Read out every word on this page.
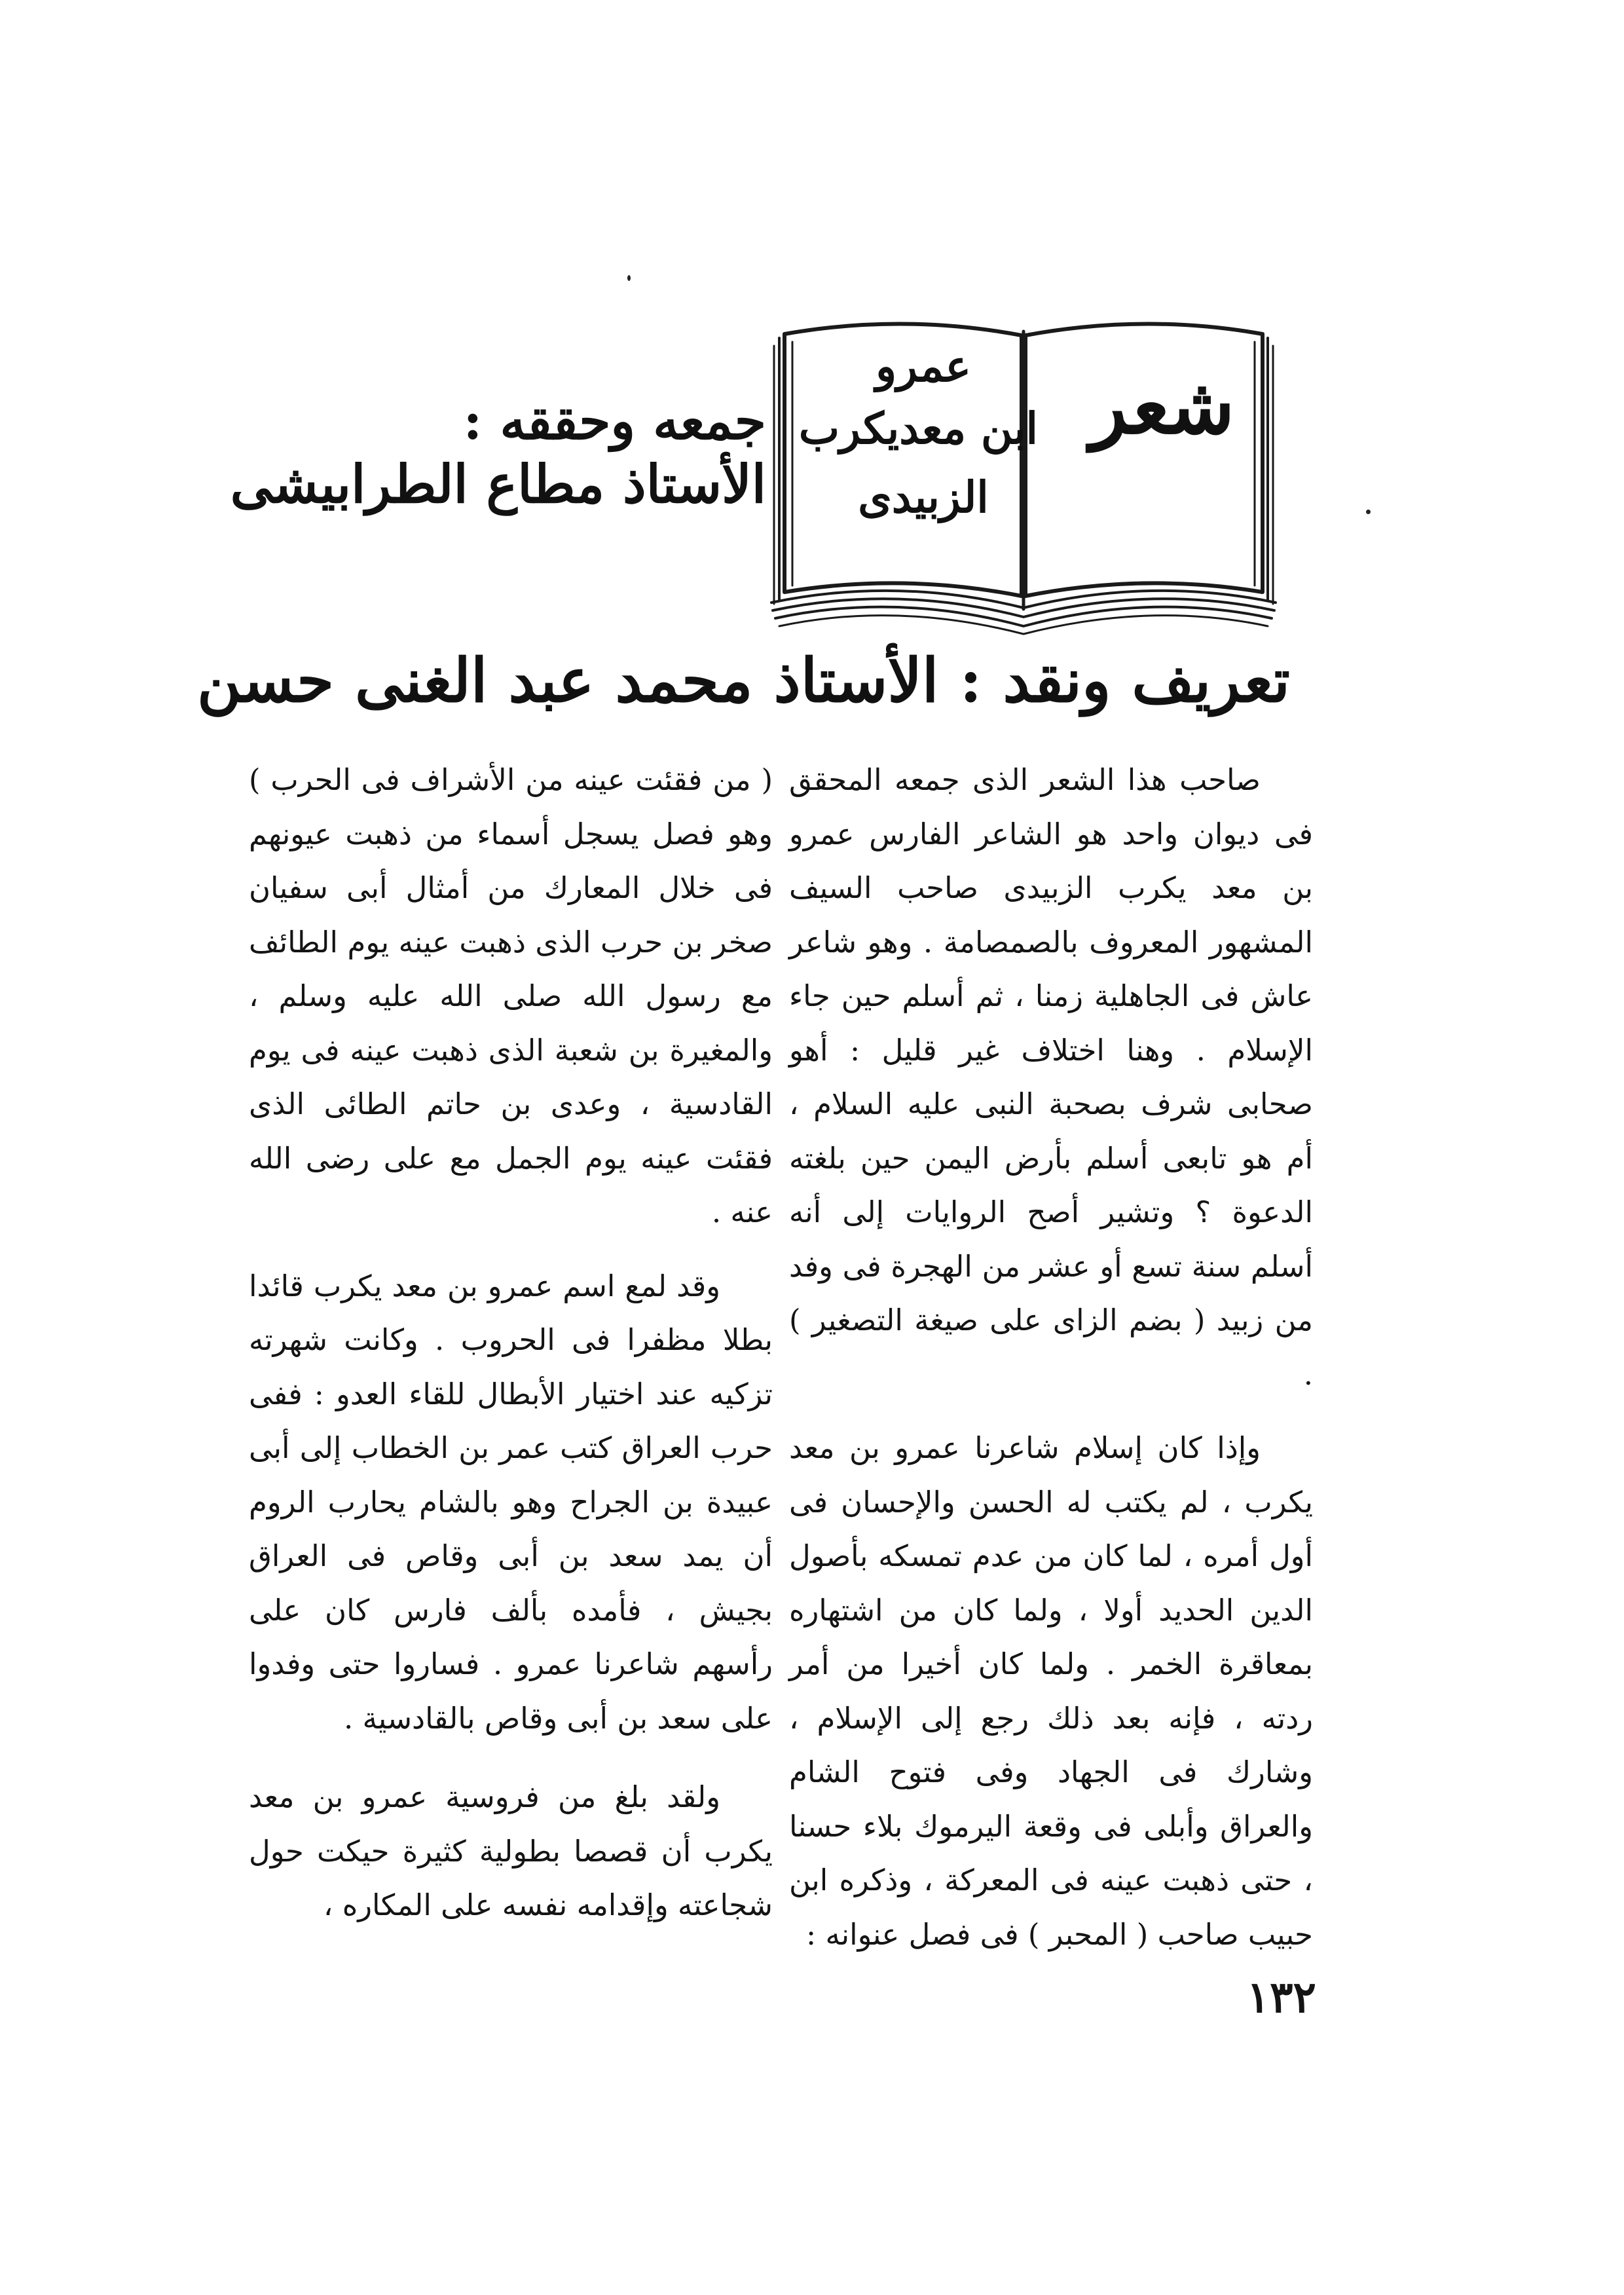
شعر
عمرو
ابن معديكرب
الزبيدى
جمعه وحققه :
الأستاذ مطاع الطرابيشى
تعريف ونقد : الأستاذ محمد عبد الغنى حسن

صاحب هذا الشعر الذى جمعه المحقق فى ديوان واحد هو الشاعر الفارس عمرو بن معد يكرب الزبيدى صاحب السيف المشهور المعروف بالصمصامة . وهو شاعر عاش فى الجاهلية زمنا ، ثم أسلم حين جاء الإسلام . وهنا اختلاف غير قليل : أهو صحابى شرف بصحبة النبى عليه السلام ، أم هو تابعى أسلم بأرض اليمن حين بلغته الدعوة ؟ وتشير أصح الروايات إلى أنه أسلم سنة تسع أو عشر من الهجرة فى وفد من زبيد ( بضم الزاى على صيغة التصغير ) .

وإذا كان إسلام شاعرنا عمرو بن معد يكرب ، لم يكتب له الحسن والإحسان فى أول أمره ، لما كان من عدم تمسكه بأصول الدين الحديد أولا ، ولما كان من اشتهاره بمعاقرة الخمر . ولما كان أخيرا من أمر ردته ، فإنه بعد ذلك رجع إلى الإسلام ، وشارك فى الجهاد وفى فتوح الشام والعراق وأبلى فى وقعة اليرموك بلاء حسنا ، حتى ذهبت عينه فى المعركة ، وذكره ابن حبيب صاحب ( المحبر ) فى فصل عنوانه :

( من فقئت عينه من الأشراف فى الحرب ) وهو فصل يسجل أسماء من ذهبت عيونهم فى خلال المعارك من أمثال أبى سفيان صخر بن حرب الذى ذهبت عينه يوم الطائف مع رسول الله صلى الله عليه وسلم ، والمغيرة بن شعبة الذى ذهبت عينه فى يوم القادسية ، وعدى بن حاتم الطائى الذى فقئت عينه يوم الجمل مع على رضى الله عنه .

وقد لمع اسم عمرو بن معد يكرب قائدا بطلا مظفرا فى الحروب . وكانت شهرته تزكيه عند اختيار الأبطال للقاء العدو : ففى حرب العراق كتب عمر بن الخطاب إلى أبى عبيدة بن الجراح وهو بالشام يحارب الروم أن يمد سعد بن أبى وقاص فى العراق بجيش ، فأمده بألف فارس كان على رأسهم شاعرنا عمرو . فساروا حتى وفدوا على سعد بن أبى وقاص بالقادسية .

ولقد بلغ من فروسية عمرو بن معد يكرب أن قصصا بطولية كثيرة حيكت حول شجاعته وإقدامه نفسه على المكاره ،

١٣٢
